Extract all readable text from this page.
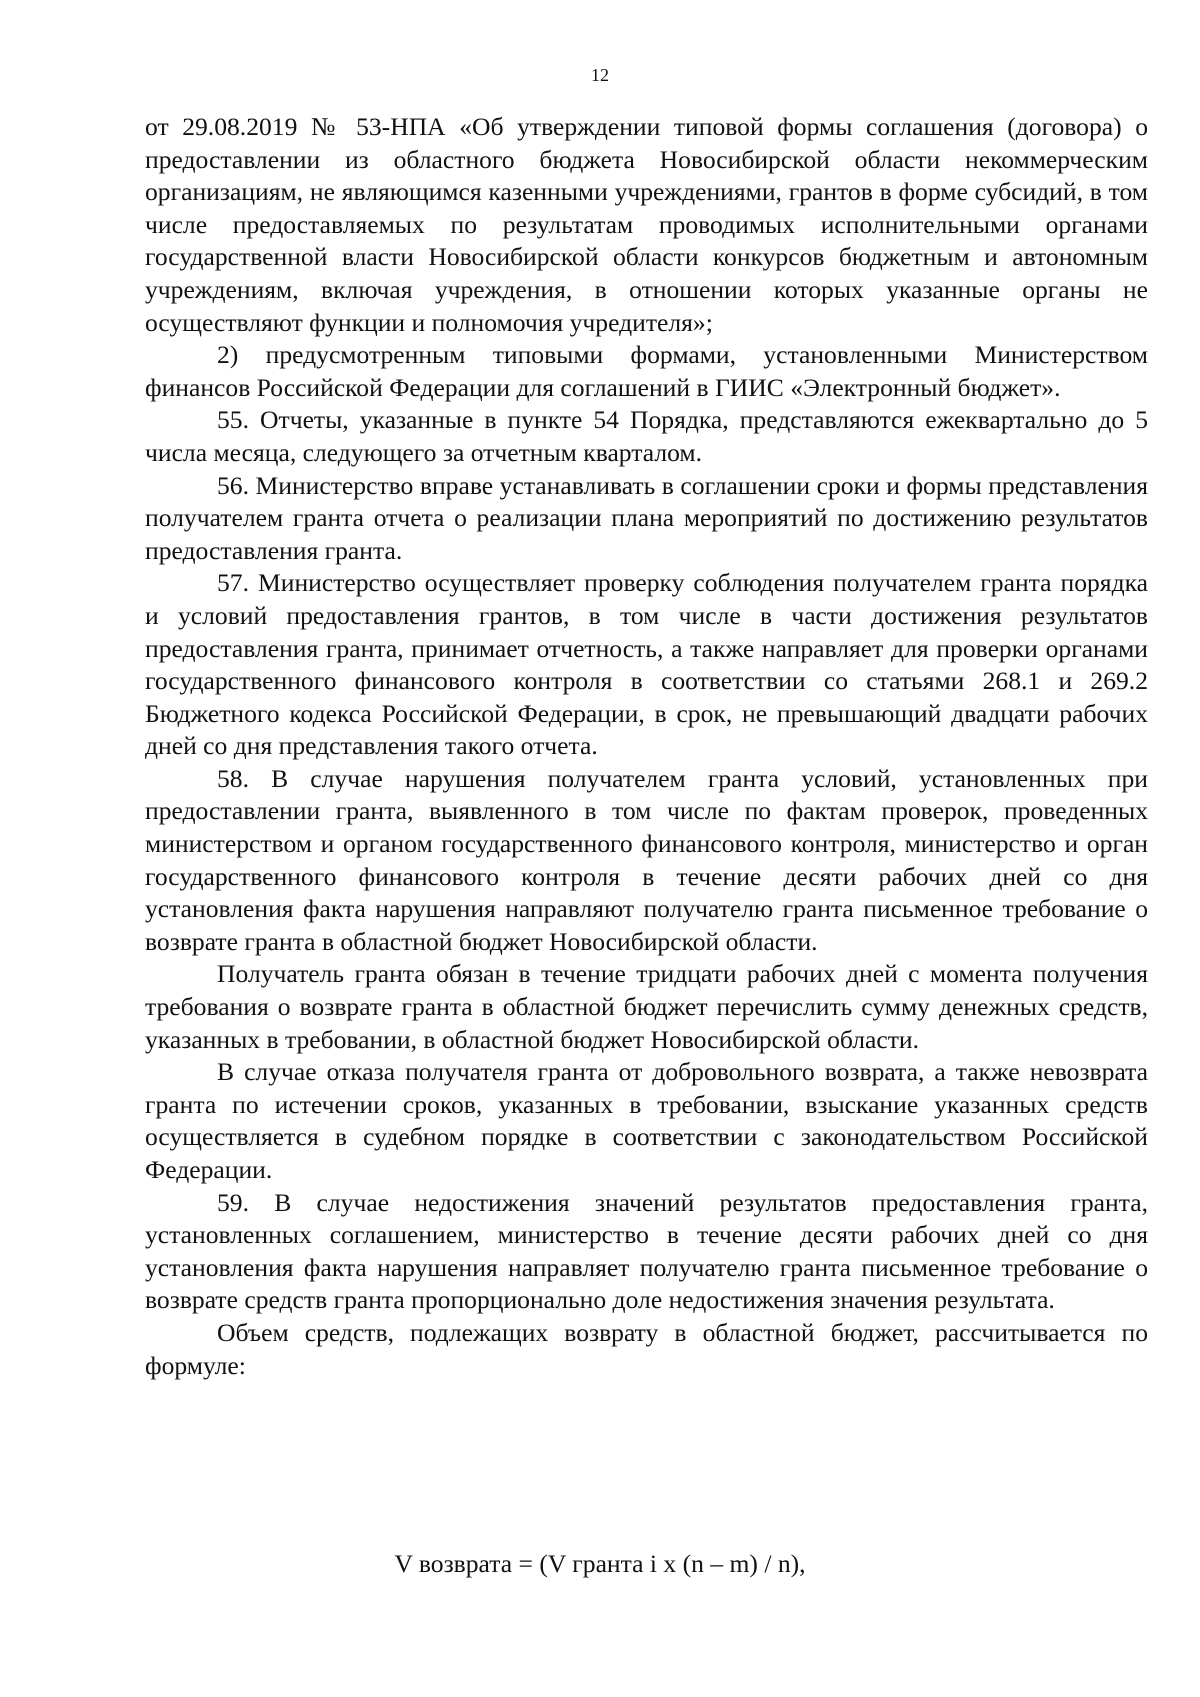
12

от 29.08.2019 № 53-НПА «Об утверждении типовой формы соглашения (договора) о предоставлении из областного бюджета Новосибирской области некоммерческим организациям, не являющимся казенными учреждениями, грантов в форме субсидий, в том числе предоставляемых по результатам проводимых исполнительными органами государственной власти Новосибирской области конкурсов бюджетным и автономным учреждениям, включая учреждения, в отношении которых указанные органы не осуществляют функции и полномочия учредителя»;

2) предусмотренным типовыми формами, установленными Министерством финансов Российской Федерации для соглашений в ГИИС «Электронный бюджет».

55. Отчеты, указанные в пункте 54 Порядка, представляются ежеквартально до 5 числа месяца, следующего за отчетным кварталом.

56. Министерство вправе устанавливать в соглашении сроки и формы представления получателем гранта отчета о реализации плана мероприятий по достижению результатов предоставления гранта.

57. Министерство осуществляет проверку соблюдения получателем гранта порядка и условий предоставления грантов, в том числе в части достижения результатов предоставления гранта, принимает отчетность, а также направляет для проверки органами государственного финансового контроля в соответствии со статьями 268.1 и 269.2 Бюджетного кодекса Российской Федерации, в срок, не превышающий двадцати рабочих дней со дня представления такого отчета.

58. В случае нарушения получателем гранта условий, установленных при предоставлении гранта, выявленного в том числе по фактам проверок, проведенных министерством и органом государственного финансового контроля, министерство и орган государственного финансового контроля в течение десяти рабочих дней со дня установления факта нарушения направляют получателю гранта письменное требование о возврате гранта в областной бюджет Новосибирской области.

Получатель гранта обязан в течение тридцати рабочих дней с момента получения требования о возврате гранта в областной бюджет перечислить сумму денежных средств, указанных в требовании, в областной бюджет Новосибирской области.

В случае отказа получателя гранта от добровольного возврата, а также невозврата гранта по истечении сроков, указанных в требовании, взыскание указанных средств осуществляется в судебном порядке в соответствии с законодательством Российской Федерации.

59. В случае недостижения значений результатов предоставления гранта, установленных соглашением, министерство в течение десяти рабочих дней со дня установления факта нарушения направляет получателю гранта письменное требование о возврате средств гранта пропорционально доле недостижения значения результата.

Объем средств, подлежащих возврату в областной бюджет, рассчитывается по формуле:

V возврата = (V гранта i x (n – m) / n),
